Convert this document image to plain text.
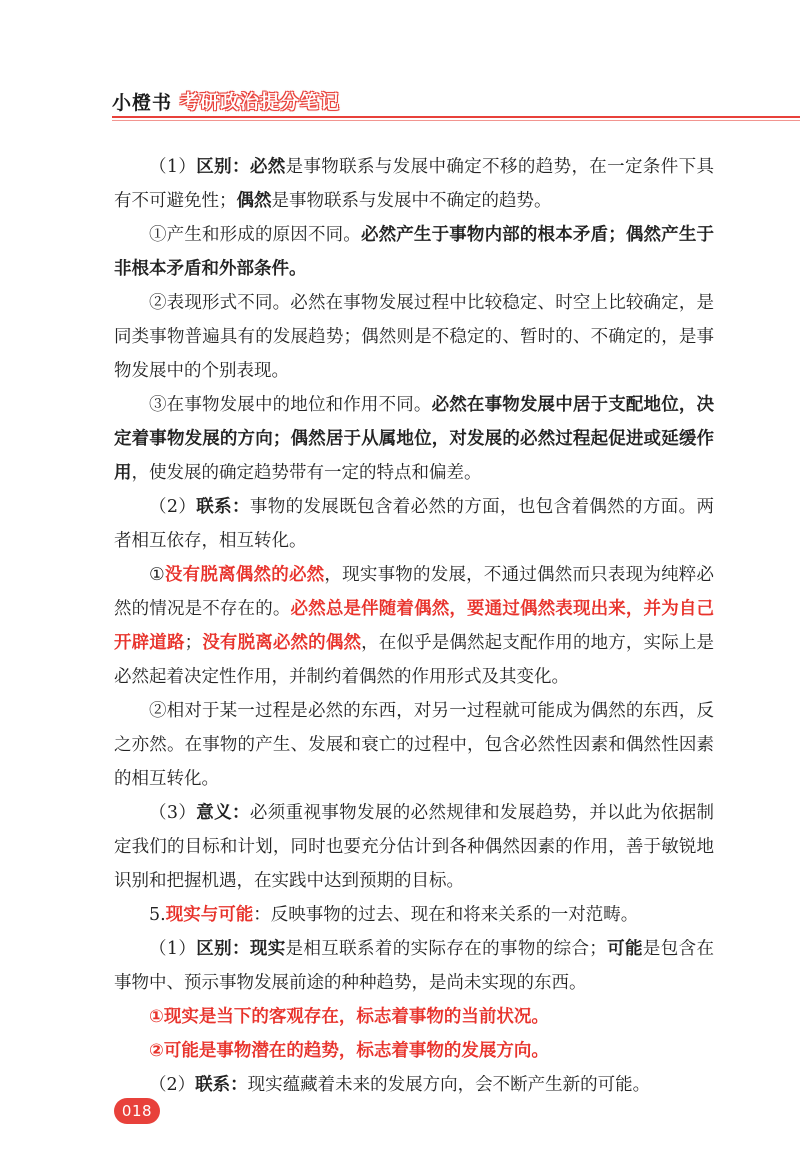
小橙书 考研政治提分笔记

（1）区别：必然是事物联系与发展中确定不移的趋势，在一定条件下具有不可避免性；偶然是事物联系与发展中不确定的趋势。

①产生和形成的原因不同。必然产生于事物内部的根本矛盾；偶然产生于非根本矛盾和外部条件。

②表现形式不同。必然在事物发展过程中比较稳定、时空上比较确定，是同类事物普遍具有的发展趋势；偶然则是不稳定的、暂时的、不确定的，是事物发展中的个别表现。

③在事物发展中的地位和作用不同。必然在事物发展中居于支配地位，决定着事物发展的方向；偶然居于从属地位，对发展的必然过程起促进或延缓作用，使发展的确定趋势带有一定的特点和偏差。

（2）联系：事物的发展既包含着必然的方面，也包含着偶然的方面。两者相互依存，相互转化。

①没有脱离偶然的必然，现实事物的发展，不通过偶然而只表现为纯粹必然的情况是不存在的。必然总是伴随着偶然，要通过偶然表现出来，并为自己开辟道路；没有脱离必然的偶然，在似乎是偶然起支配作用的地方，实际上是必然起着决定性作用，并制约着偶然的作用形式及其变化。

②相对于某一过程是必然的东西，对另一过程就可能成为偶然的东西，反之亦然。在事物的产生、发展和衰亡的过程中，包含必然性因素和偶然性因素的相互转化。

（3）意义：必须重视事物发展的必然规律和发展趋势，并以此为依据制定我们的目标和计划，同时也要充分估计到各种偶然因素的作用，善于敏锐地识别和把握机遇，在实践中达到预期的目标。

5.现实与可能：反映事物的过去、现在和将来关系的一对范畴。

（1）区别：现实是相互联系着的实际存在的事物的综合；可能是包含在事物中、预示事物发展前途的种种趋势，是尚未实现的东西。

①现实是当下的客观存在，标志着事物的当前状况。

②可能是事物潜在的趋势，标志着事物的发展方向。

（2）联系：现实蕴藏着未来的发展方向，会不断产生新的可能。

018
